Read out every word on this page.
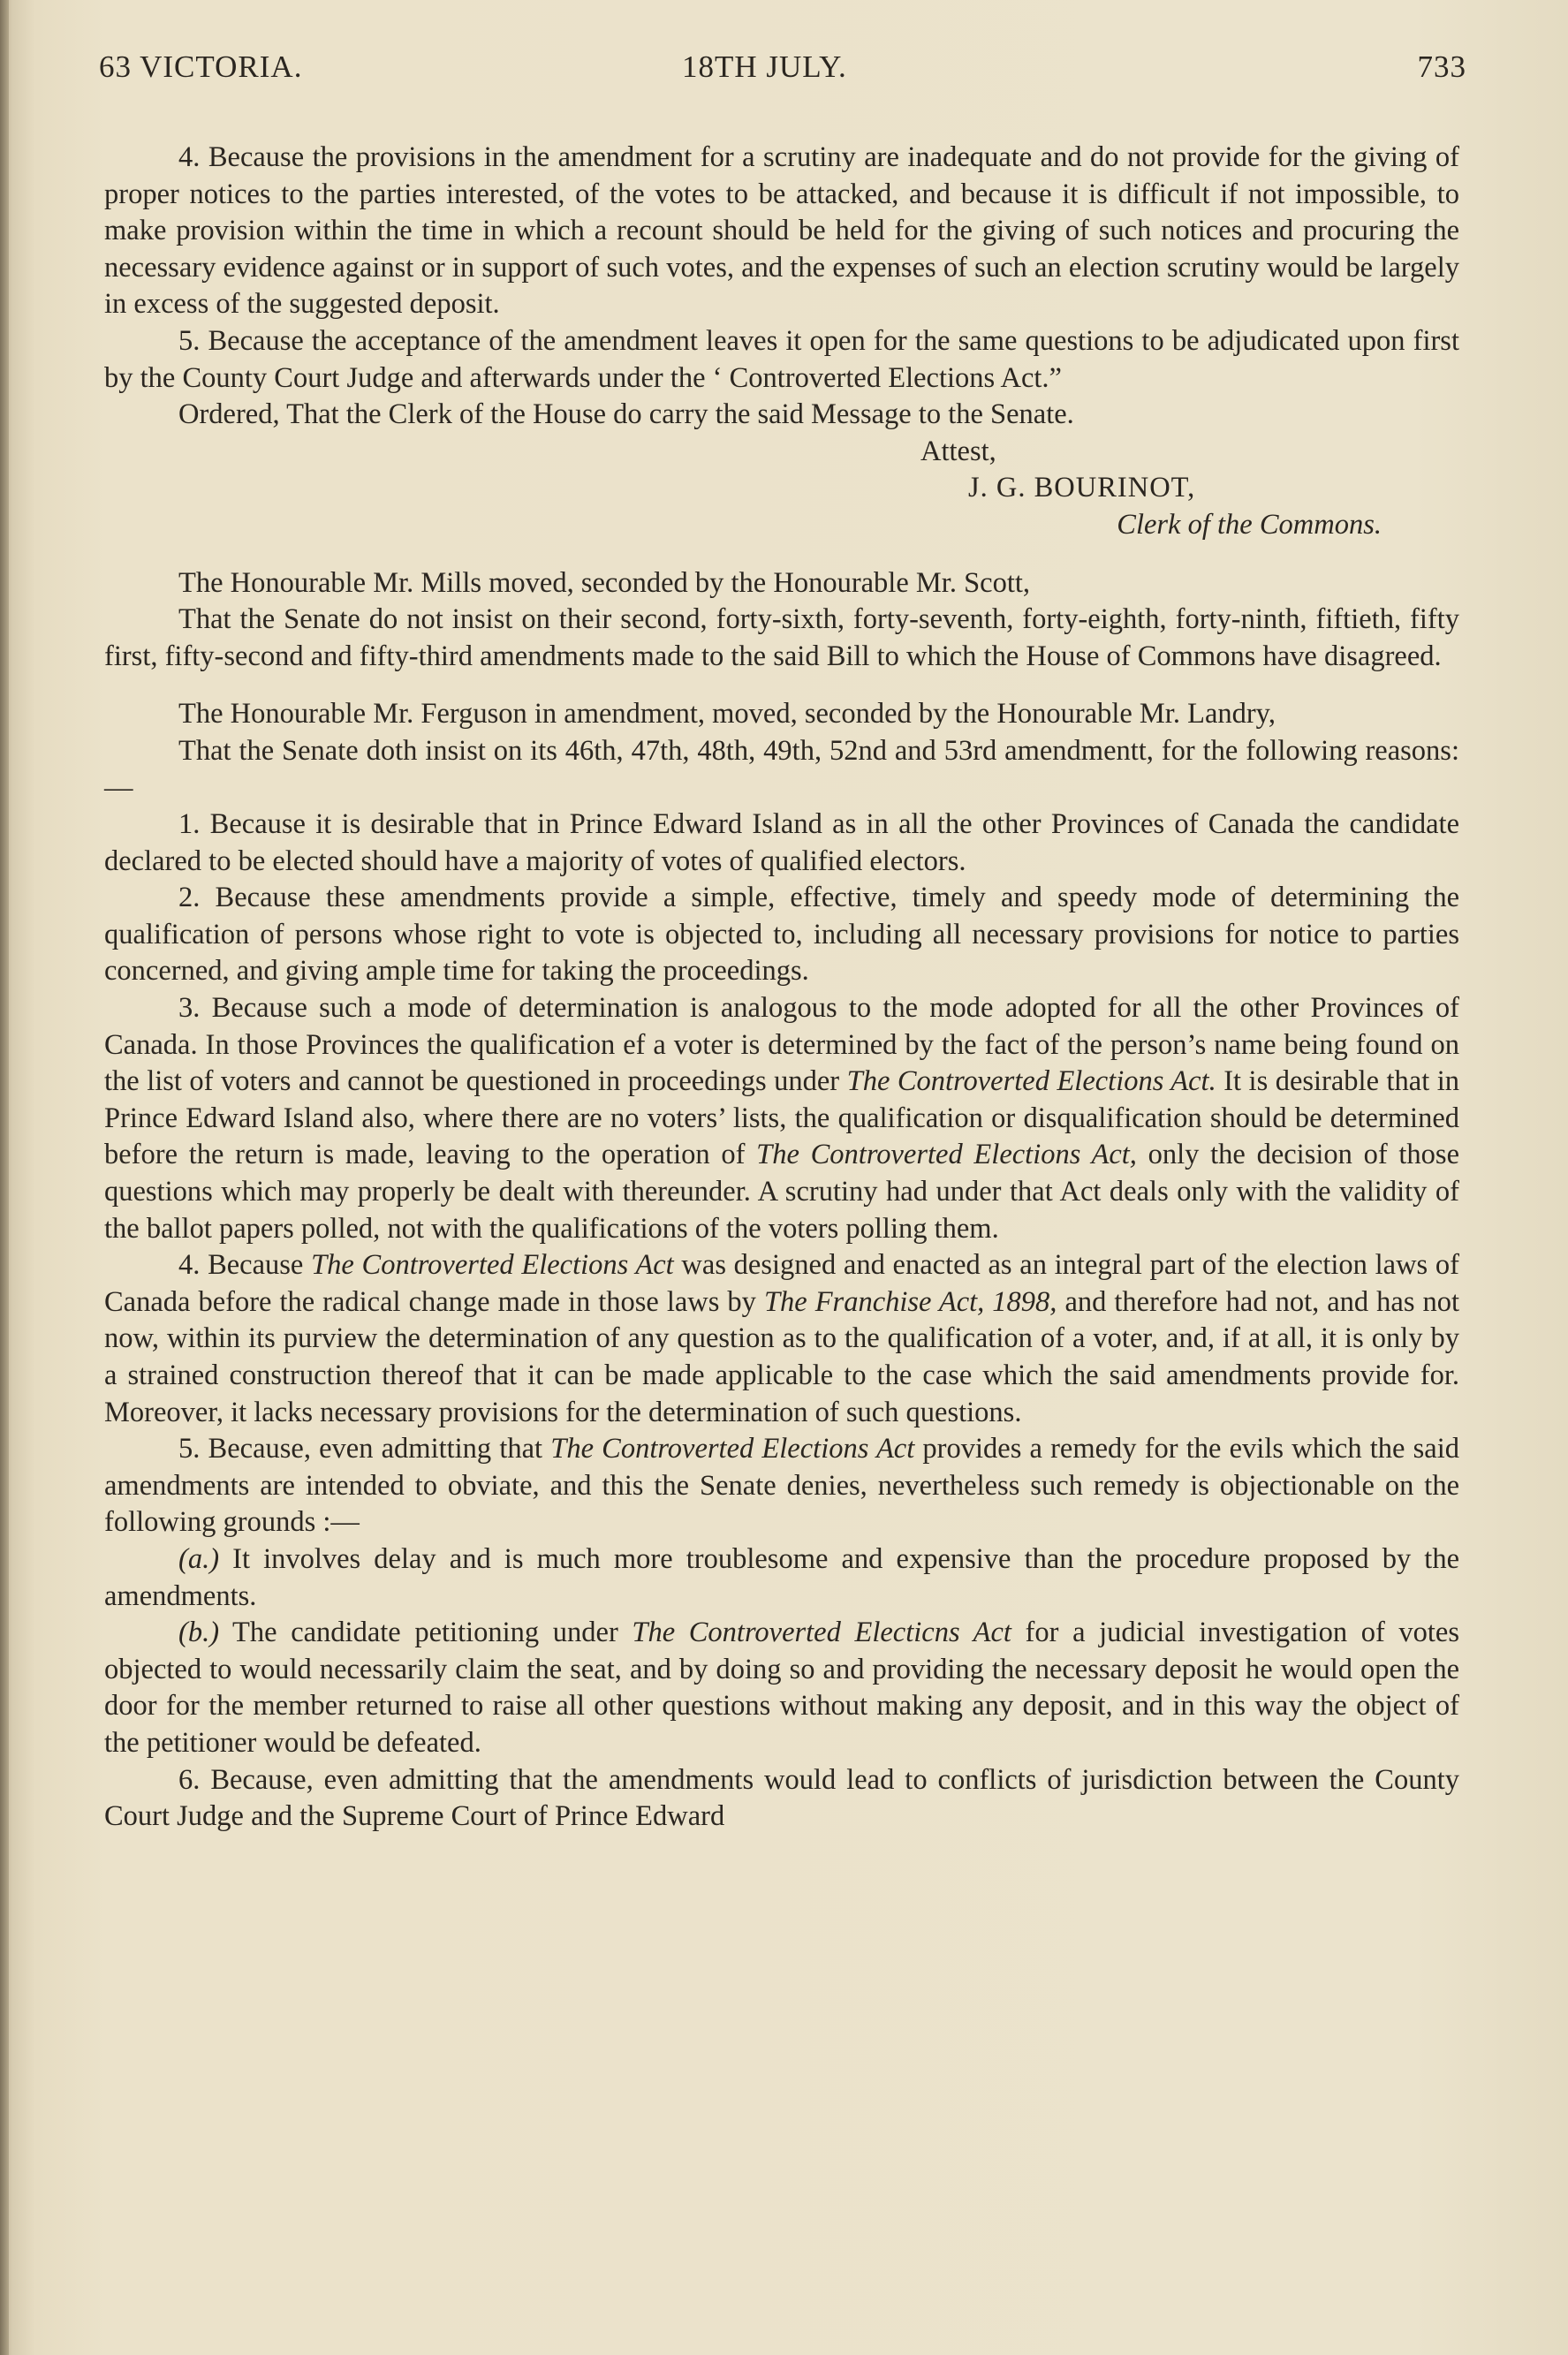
63 VICTORIA.	18TH JULY.	733

4. Because the provisions in the amendment for a scrutiny are inadequate and do not provide for the giving of proper notices to the parties interested, of the votes to be attacked, and because it is difficult if not impossible, to make provision within the time in which a recount should be held for the giving of such notices and procuring the necessary evidence against or in support of such votes, and the expenses of such an election scrutiny would be largely in excess of the suggested deposit.

5. Because the acceptance of the amendment leaves it open for the same questions to be adjudicated upon first by the County Court Judge and afterwards under the ‘ Controverted Elections Act.”

Ordered, That the Clerk of the House do carry the said Message to the Senate.

Attest,

J. G. BOURINOT,

Clerk of the Commons.

The Honourable Mr. Mills moved, seconded by the Honourable Mr. Scott,

That the Senate do not insist on their second, forty-sixth, forty-seventh, forty-eighth, forty-ninth, fiftieth, fifty first, fifty-second and fifty-third amendments made to the said Bill to which the House of Commons have disagreed.

The Honourable Mr. Ferguson in amendment, moved, seconded by the Honourable Mr. Landry,

That the Senate doth insist on its 46th, 47th, 48th, 49th, 52nd and 53rd amendmentt, for the following reasons:—

1. Because it is desirable that in Prince Edward Island as in all the other Provinces of Canada the candidate declared to be elected should have a majority of votes of qualified electors.

2. Because these amendments provide a simple, effective, timely and speedy mode of determining the qualification of persons whose right to vote is objected to, including all necessary provisions for notice to parties concerned, and giving ample time for taking the proceedings.

3. Because such a mode of determination is analogous to the mode adopted for all the other Provinces of Canada. In those Provinces the qualification ef a voter is determined by the fact of the person’s name being found on the list of voters and cannot be questioned in proceedings under The Controverted Elections Act. It is desirable that in Prince Edward Island also, where there are no voters’ lists, the qualification or disqualification should be determined before the return is made, leaving to the operation of The Controverted Elections Act, only the decision of those questions which may properly be dealt with thereunder. A scrutiny had under that Act deals only with the validity of the ballot papers polled, not with the qualifications of the voters polling them.

4. Because The Controverted Elections Act was designed and enacted as an integral part of the election laws of Canada before the radical change made in those laws by The Franchise Act, 1898, and therefore had not, and has not now, within its purview the determination of any question as to the qualification of a voter, and, if at all, it is only by a strained construction thereof that it can be made applicable to the case which the said amendments provide for. Moreover, it lacks necessary provisions for the determination of such questions.

5. Because, even admitting that The Controverted Elections Act provides a remedy for the evils which the said amendments are intended to obviate, and this the Senate denies, nevertheless such remedy is objectionable on the following grounds :—

(a.) It involves delay and is much more troublesome and expensive than the procedure proposed by the amendments.

(b.) The candidate petitioning under The Controverted Electicns Act for a judicial investigation of votes objected to would necessarily claim the seat, and by doing so and providing the necessary deposit he would open the door for the member returned to raise all other questions without making any deposit, and in this way the object of the petitioner would be defeated.

6. Because, even admitting that the amendments would lead to conflicts of jurisdiction between the County Court Judge and the Supreme Court of Prince Edward
